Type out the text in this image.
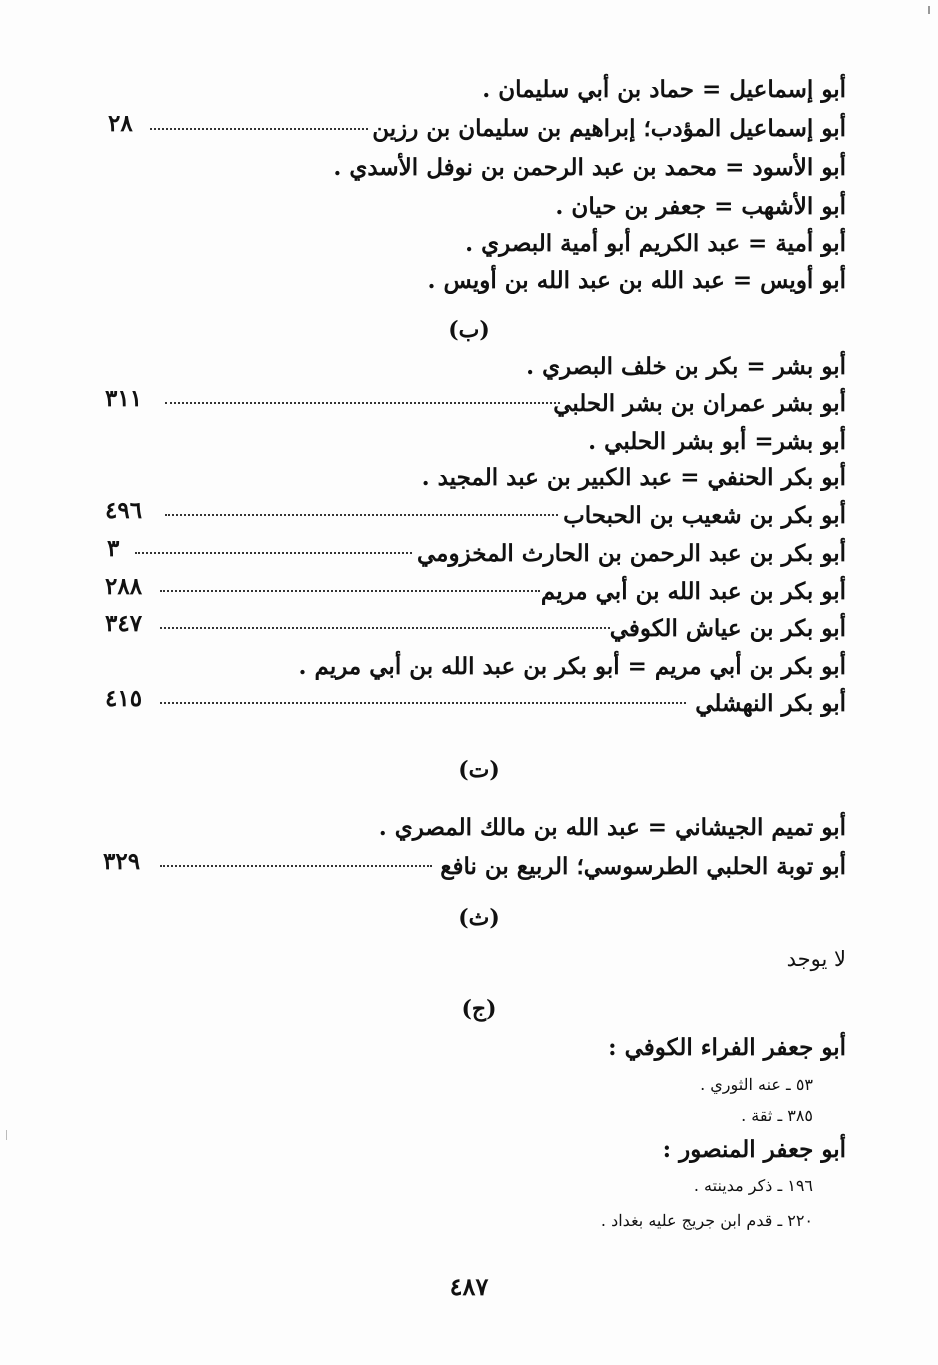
أبو إسماعيل = حماد بن أبي سليمان .
أبو إسماعيل المؤدب؛ إبراهيم بن سليمان بن رزين
٢٨
أبو الأسود = محمد بن عبد الرحمن بن نوفل الأسدي .
أبو الأشهب = جعفر بن حيان .
أبو أمية = عبد الكريم أبو أمية البصري .
أبو أويس = عبد الله بن عبد الله بن أويس .
(ب)
أبو بشر = بكر بن خلف البصري .
أبو بشر عمران بن بشر الحلبي
٣١١
أبو بشر= أبو بشر الحلبي .
أبو بكر الحنفي = عبد الكبير بن عبد المجيد .
أبو بكر بن شعيب بن الحبحاب
٤٩٦
أبو بكر بن عبد الرحمن بن الحارث المخزومي
٣
أبو بكر بن عبد الله بن أبي مريم
٢٨٨
أبو بكر بن عياش الكوفي
٣٤٧
أبو بكر بن أبي مريم = أبو بكر بن عبد الله بن أبي مريم .
أبو بكر النهشلي
٤١٥
(ت)
أبو تميم الجيشاني = عبد الله بن مالك المصري .
أبو توبة الحلبي الطرسوسي؛ الربيع بن نافع
٣٢٩
(ث)
لا يوجد
(ج)
أبو جعفر الفراء الكوفي :
٥٣ ـ عنه الثوري .
٣٨٥ ـ ثقة .
أبو جعفر المنصور :
١٩٦ ـ ذكر مدينته .
٢٢٠ ـ قدم ابن جريج عليه بغداد .
٤٨٧
